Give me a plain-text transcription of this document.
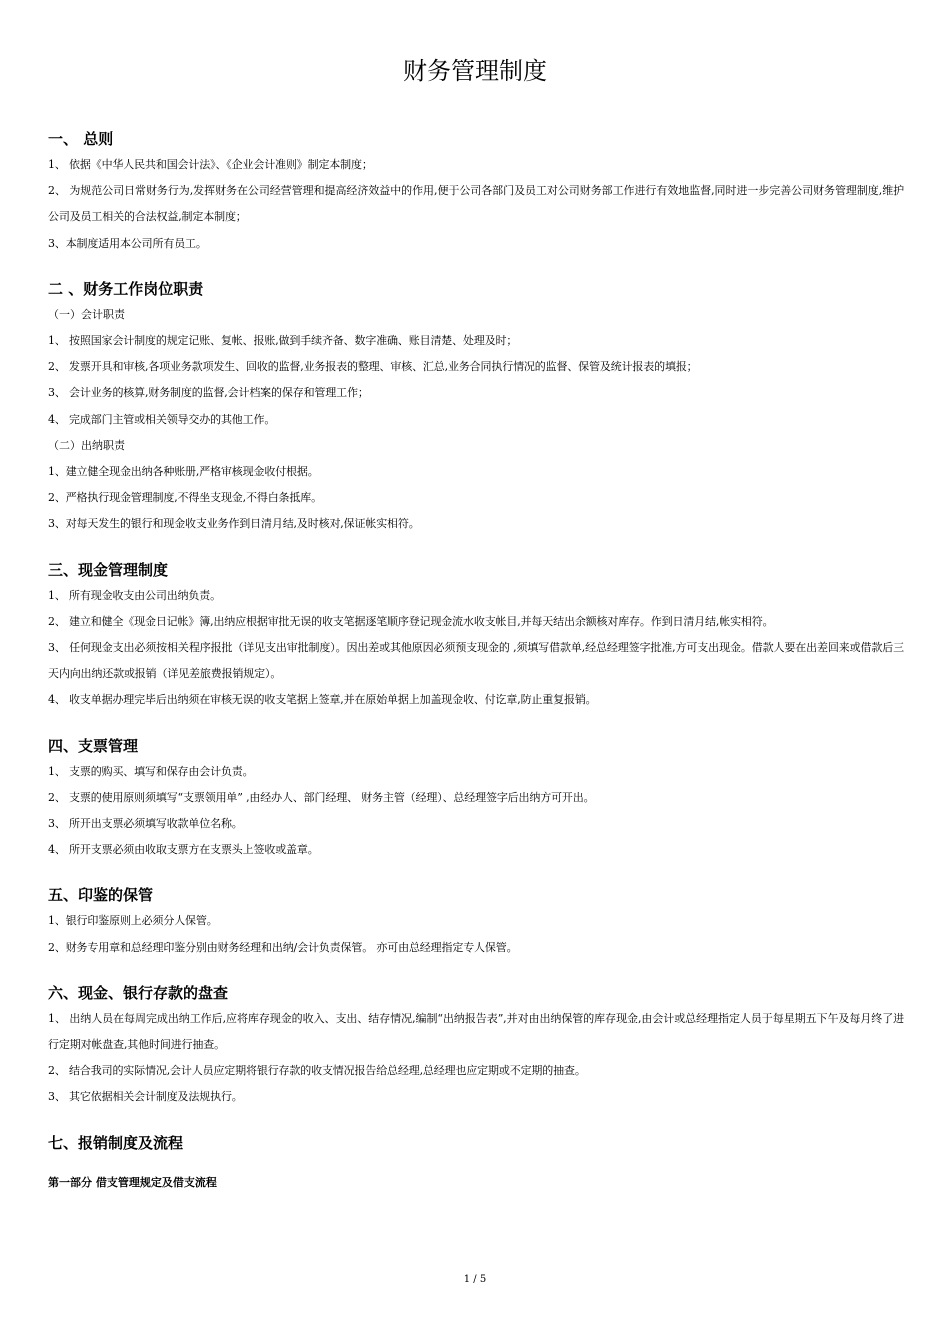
财务管理制度
一、 总则
1、 依据《中华人民共和国会计法》、《企业会计准则》制定本制度；
2、 为规范公司日常财务行为,发挥财务在公司经营管理和提高经济效益中的作用,便于公司各部门及员工对公司财务部工作进行有效地监督,同时进一步完善公司财务管理制度,维护公司及员工相关的合法权益,制定本制度；
3、本制度适用本公司所有员工。
二 、财务工作岗位职责
（一）会计职责
1、 按照国家会计制度的规定记账、复帐、报账,做到手续齐备、数字准确、账目清楚、处理及时；
2、 发票开具和审核,各项业务款项发生、回收的监督,业务报表的整理、审核、汇总,业务合同执行情况的监督、保管及统计报表的填报；
3、 会计业务的核算,财务制度的监督,会计档案的保存和管理工作；
4、 完成部门主管或相关领导交办的其他工作。
（二）出纳职责
1、建立健全现金出纳各种账册,严格审核现金收付根据。
2、严格执行现金管理制度,不得坐支现金,不得白条抵库。
3、对每天发生的银行和现金收支业务作到日清月结,及时核对,保证帐实相符。
三、现金管理制度
1、 所有现金收支由公司出纳负责。
2、 建立和健全《现金日记帐》簿,出纳应根据审批无误的收支笔据逐笔顺序登记现金流水收支帐目,并每天结出余额核对库存。作到日清月结,帐实相符。
3、 任何现金支出必须按相关程序报批（详见支出审批制度）。因出差或其他原因必须预支现金的 ,须填写借款单,经总经理签字批准,方可支出现金。借款人要在出差回来或借款后三天内向出纳还款或报销（详见差旅费报销规定）。
4、 收支单据办理完毕后出纳须在审核无误的收支笔据上签章,并在原始单据上加盖现金收、付讫章,防止重复报销。
四、支票管理
1、 支票的购买、填写和保存由会计负责。
2、 支票的使用原则须填写“支票领用单” ,由经办人、部门经理、 财务主管（经理）、总经理签字后出纳方可开出。
3、 所开出支票必须填写收款单位名称。
4、 所开支票必须由收取支票方在支票头上签收或盖章。
五、印鉴的保管
1、银行印鉴原则上必须分人保管。
2、财务专用章和总经理印鉴分别由财务经理和出纳/会计负责保管。 亦可由总经理指定专人保管。
六、现金、银行存款的盘查
1、 出纳人员在每周完成出纳工作后,应将库存现金的收入、支出、结存情况,编制“出纳报告表”,并对由出纳保管的库存现金,由会计或总经理指定人员于每星期五下午及每月终了进行定期对帐盘查,其他时间进行抽查。
2、 结合我司的实际情况,会计人员应定期将银行存款的收支情况报告给总经理,总经理也应定期或不定期的抽查。
3、 其它依据相关会计制度及法规执行。
七、报销制度及流程
第一部分 借支管理规定及借支流程
1 / 5
